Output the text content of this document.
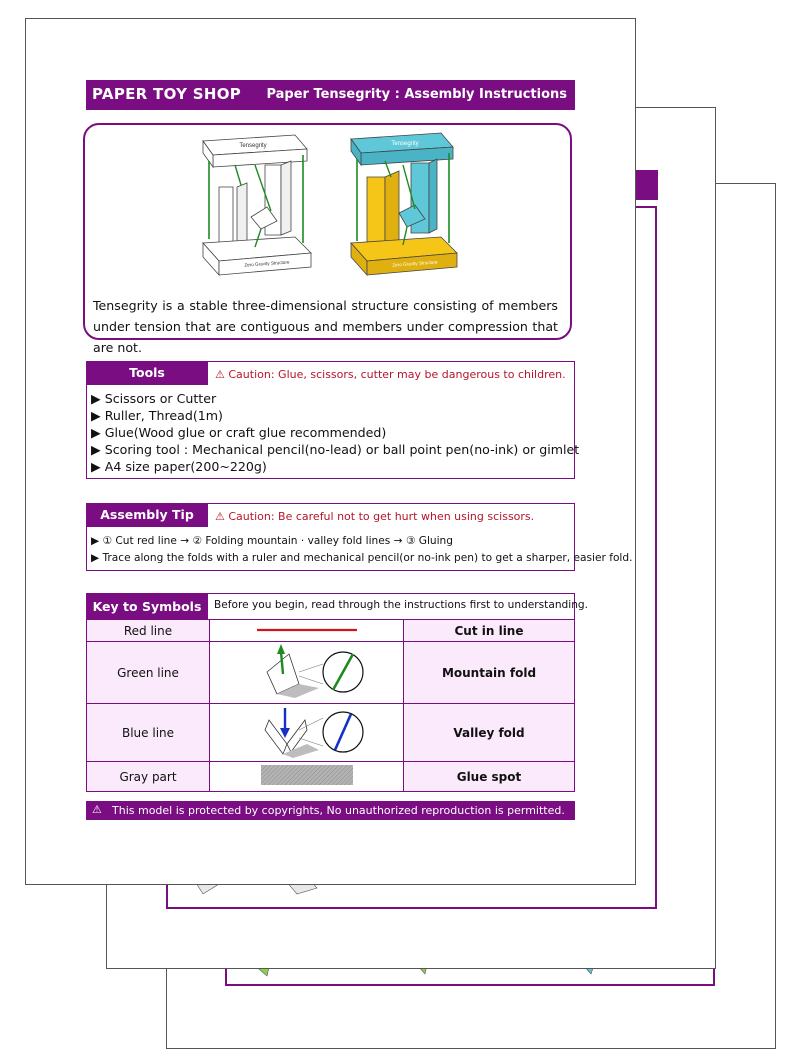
PAPER TOY SHOP Paper Tensegrity : Assembly Instructions
Tensegrity
Zero Gravity Structure
Tensegrity
Zero Gravity Structure
Tensegrity is a stable three-dimensional structure consisting of members under tension that are contiguous and members under compression that are not.
Tools	⚠ Caution: Glue, scissors, cutter may be dangerous to children.
▶ Scissors or Cutter
▶ Ruller, Thread(1m)
▶ Glue(Wood glue or craft glue recommended)
▶ Scoring tool : Mechanical pencil(no-lead) or ball point pen(no-ink) or gimlet
▶ A4 size paper(200~220g)
Assembly Tip	⚠ Caution: Be careful not to get hurt when using scissors.
▶ ① Cut red line → ② Folding mountain · valley fold lines → ③ Gluing
▶ Trace along the folds with a ruler and mechanical pencil(or no-ink pen) to get a sharper, easier fold.
Key to Symbols	Before you begin, read through the instructions first to understanding.
Red line		Cut in line
Green line		Mountain fold
Blue line		Valley fold
Gray part		Glue spot
⚠ This model is protected by copyrights, No unauthorized reproduction is permitted.
